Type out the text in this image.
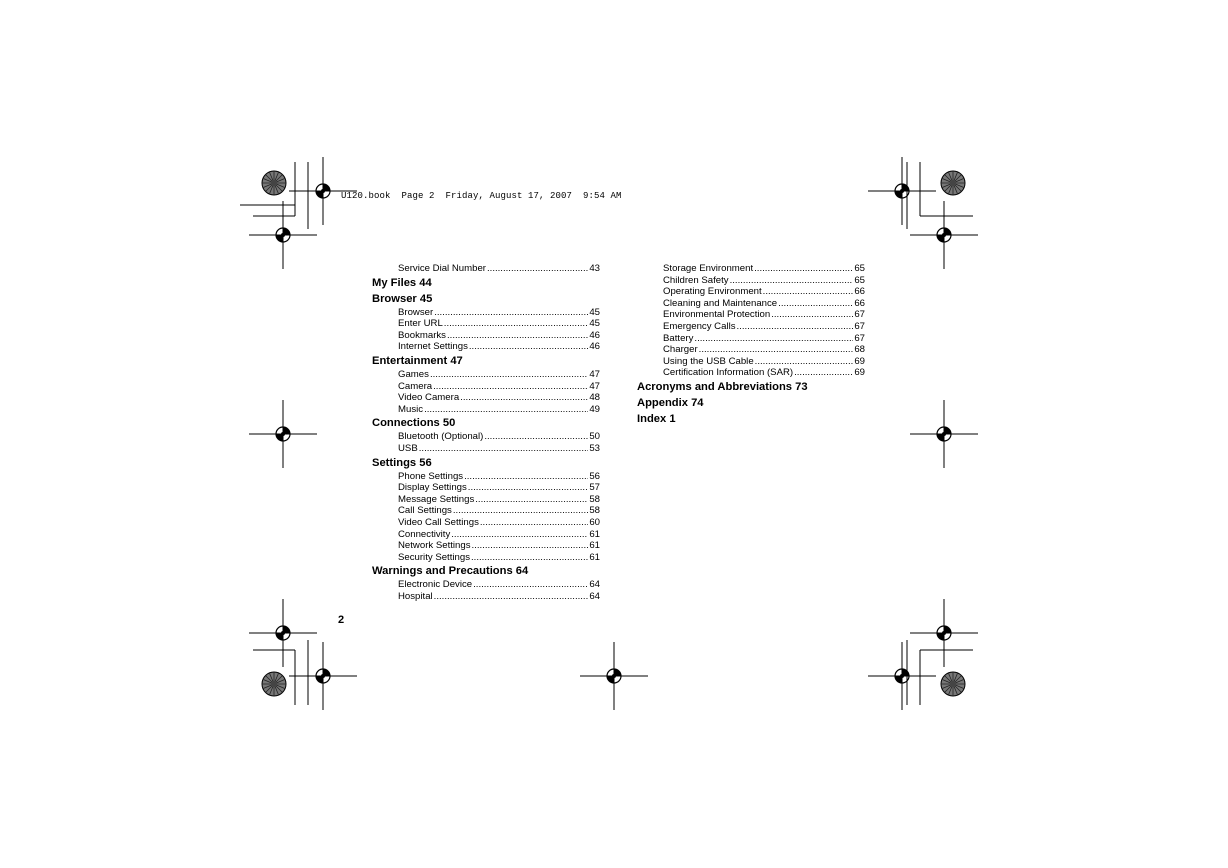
U120.book  Page 2  Friday, August 17, 2007  9:54 AM
Service Dial Number .....	43
My Files 44
Browser 45
Browser .....	45
Enter URL .....	45
Bookmarks .....	46
Internet Settings .....	46
Entertainment 47
Games .....	47
Camera .....	47
Video Camera .....	48
Music .....	49
Connections 50
Bluetooth (Optional) .....	50
USB .....	53
Settings 56
Phone Settings .....	56
Display Settings .....	57
Message Settings .....	58
Call Settings .....	58
Video Call Settings .....	60
Connectivity .....	61
Network Settings .....	61
Security Settings .....	61
Warnings and Precautions 64
Electronic Device .....	64
Hospital .....	64
Storage Environment .....	65
Children Safety .....	65
Operating Environment .....	66
Cleaning and Maintenance .....	66
Environmental Protection .....	67
Emergency Calls .....	67
Battery .....	67
Charger .....	68
Using the USB Cable .....	69
Certification Information (SAR) .....	69
Acronyms and Abbreviations 73
Appendix 74
Index 1
2
